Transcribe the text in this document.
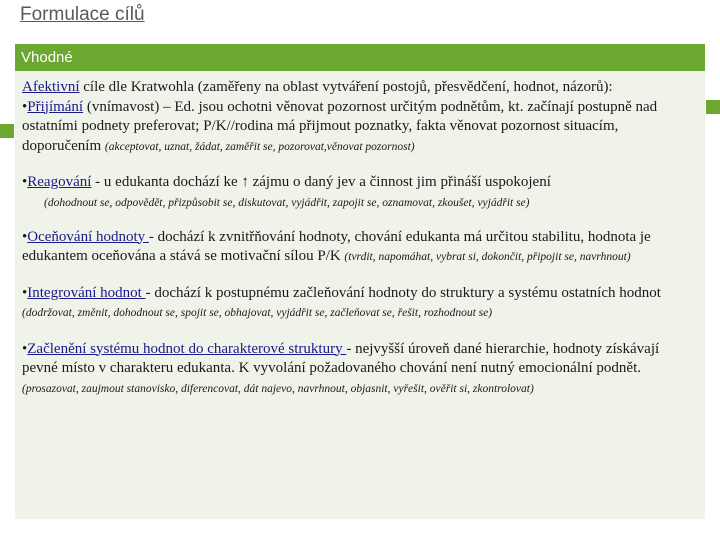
Formulace cílů
Vhodné

Afektivní cíle dle Kratwohla (zaměřeny na oblast vytváření postojů, přesvědčení, hodnot, názorů):

•Přijímání (vnímavost) – Ed. jsou ochotni věnovat pozornost určitým podnětům, kt. začínají postupně nad ostatními podnety preferovat; P/K//rodina má přijmout poznatky, fakta věnovat pozornost situacím, doporučením (akceptovat, uznat, žádat, zaměřit se, pozorovat,věnovat pozornost)

•Reagování - u edukanta dochází ke ↑ zájmu o daný jev a činnost jim přináší uspokojení
(dohodnout se, odpovědět, přizpůsobit se, diskutovat, vyjádřit, zapojit se, oznamovat, zkoušet, vyjádřit se)

•Oceňování hodnoty - dochází k zvnitřňování hodnoty, chování edukanta má určitou stabilitu, hodnota je edukantem oceňována a stává se motivační sílou P/K (tvrdit, napomáhat, vybrat si, dokončit, připojit se, navrhnout)

•Integrování hodnot - dochází k postupnému začleňování hodnoty do struktury a systému ostatních hodnot (dodržovat, změnit, dohodnout se, spojit se, obhajovat, vyjádřit se, začleňovat se, řešit, rozhodnout se)

•Začlenění systému hodnot do charakterové struktury - nejvyšší úroveň dané hierarchie, hodnoty získávají pevné místo v charakteru edukanta. K vyvolání požadovaného chování není nutný emocionální podnět. (prosazovat, zaujmout stanovisko, diferencovat, dát najevo, navrhnout, objasnit, vyřešit, ověřit si, zkontrolovat)
